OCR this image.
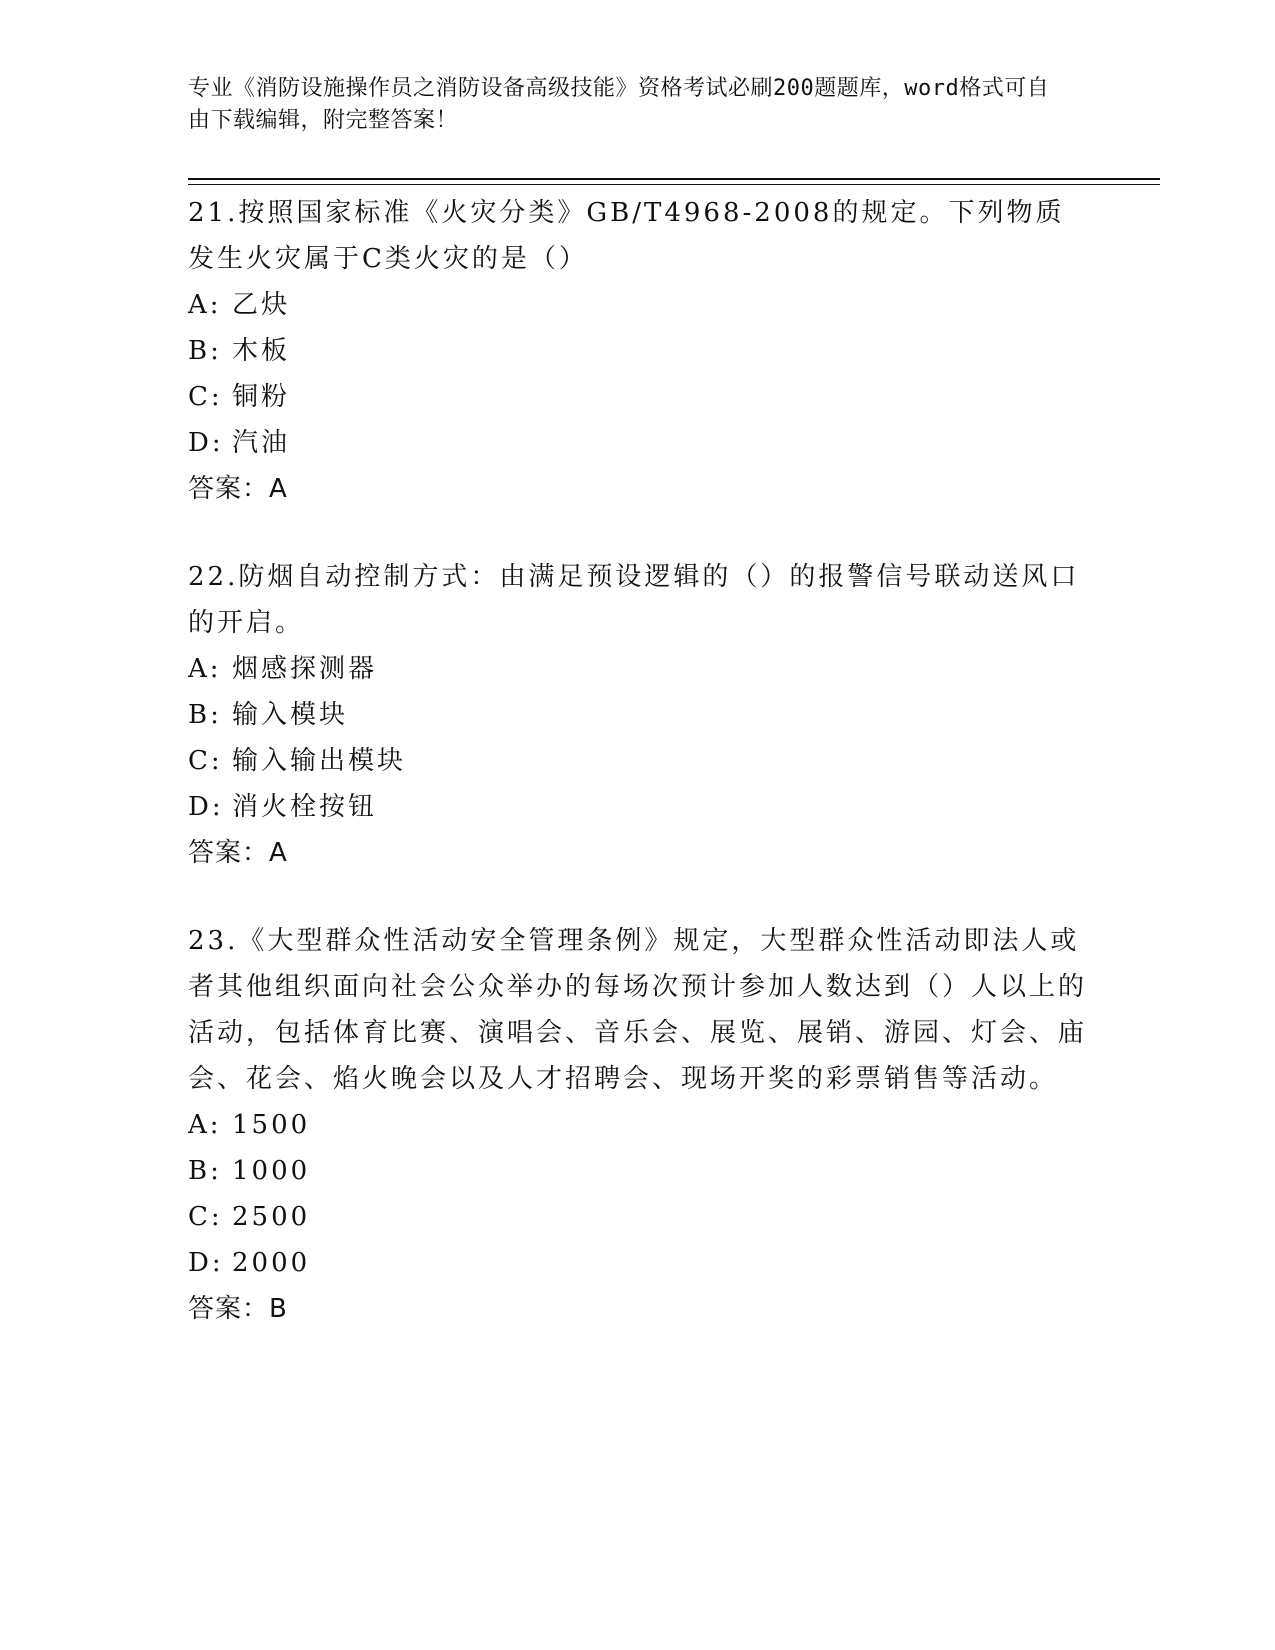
专业《消防设施操作员之消防设备高级技能》资格考试必刷200题题库，word格式可自由下载编辑，附完整答案！

21.按照国家标准《火灾分类》GB/T4968-2008的规定。下列物质发生火灾属于C类火灾的是（）

A: 乙炔

B: 木板

C: 铜粉

D: 汽油

答案：A

22.防烟自动控制方式：由满足预设逻辑的（）的报警信号联动送风口的开启。

A: 烟感探测器

B: 输入模块

C: 输入输出模块

D: 消火栓按钮

答案：A

23.《大型群众性活动安全管理条例》规定，大型群众性活动即法人或者其他组织面向社会公众举办的每场次预计参加人数达到（）人以上的活动，包括体育比赛、演唱会、音乐会、展览、展销、游园、灯会、庙会、花会、焰火晚会以及人才招聘会、现场开奖的彩票销售等活动。

A: 1500

B: 1000

C: 2500

D: 2000

答案：B
